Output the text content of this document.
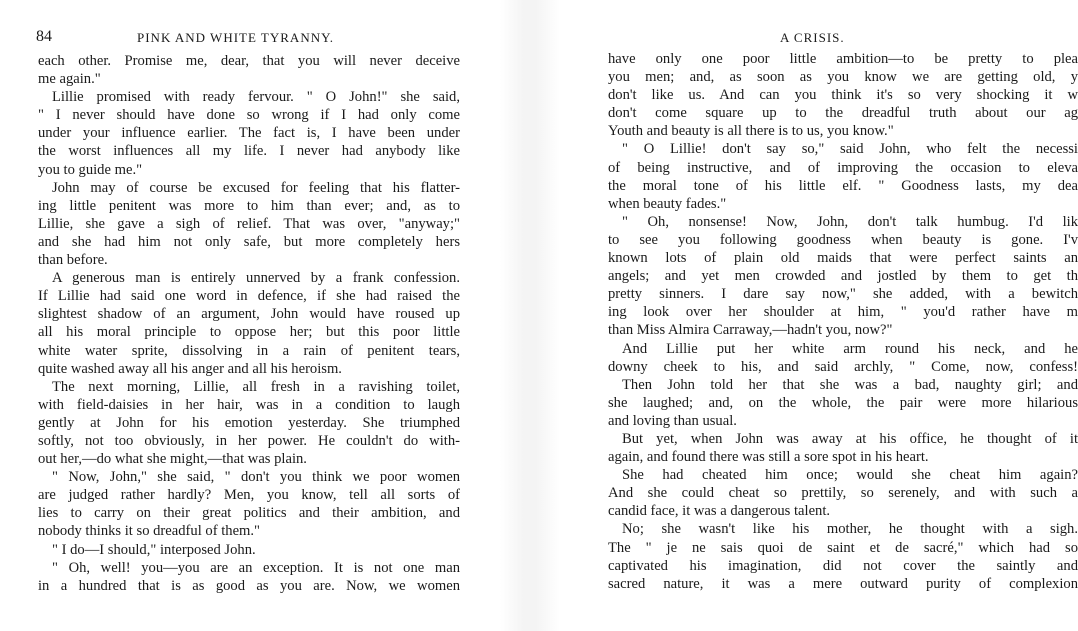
84	PINK AND WHITE TYRANNY.
each other. Promise me, dear, that you will never deceive
me again."
Lillie promised with ready fervour. " O John!" she said,
" I never should have done so wrong if I had only come
under your influence earlier. The fact is, I have been under
the worst influences all my life. I never had anybody like
you to guide me."
John may of course be excused for feeling that his flatter-
ing little penitent was more to him than ever; and, as to
Lillie, she gave a sigh of relief. That was over, "anyway;"
and she had him not only safe, but more completely hers
than before.
A generous man is entirely unnerved by a frank confession.
If Lillie had said one word in defence, if she had raised the
slightest shadow of an argument, John would have roused up
all his moral principle to oppose her; but this poor little
white water sprite, dissolving in a rain of penitent tears,
quite washed away all his anger and all his heroism.
The next morning, Lillie, all fresh in a ravishing toilet,
with field-daisies in her hair, was in a condition to laugh
gently at John for his emotion yesterday. She triumphed
softly, not too obviously, in her power. He couldn't do with-
out her,—do what she might,—that was plain.
" Now, John," she said, " don't you think we poor women
are judged rather hardly? Men, you know, tell all sorts of
lies to carry on their great politics and their ambition, and
nobody thinks it so dreadful of them."
" I do—I should," interposed John.
" Oh, well! you—you are an exception. It is not one man
in a hundred that is as good as you are. Now, we women
A CRISIS.
have only one poor little ambition—to be pretty to plea
you men; and, as soon as you know we are getting old, y
don't like us. And can you think it's so very shocking it w
don't come square up to the dreadful truth about our ag
Youth and beauty is all there is to us, you know."
" O Lillie! don't say so," said John, who felt the necessi
of being instructive, and of improving the occasion to eleva
the moral tone of his little elf. " Goodness lasts, my dea
when beauty fades."
" Oh, nonsense! Now, John, don't talk humbug. I'd lik
to see you following goodness when beauty is gone. I'v
known lots of plain old maids that were perfect saints an
angels; and yet men crowded and jostled by them to get th
pretty sinners. I dare say now," she added, with a bewitch
ing look over her shoulder at him, " you'd rather have m
than Miss Almira Carraway,—hadn't you, now?"
And Lillie put her white arm round his neck, and he
downy cheek to his, and said archly, " Come, now, confess!
Then John told her that she was a bad, naughty girl; and
she laughed; and, on the whole, the pair were more hilarious
and loving than usual.
But yet, when John was away at his office, he thought of it
again, and found there was still a sore spot in his heart.
She had cheated him once; would she cheat him again?
And she could cheat so prettily, so serenely, and with such a
candid face, it was a dangerous talent.
No; she wasn't like his mother, he thought with a sigh.
The " je ne sais quoi de saint et de sacré," which had so
captivated his imagination, did not cover the saintly and
sacred nature, it was a mere outward purity of complexion
